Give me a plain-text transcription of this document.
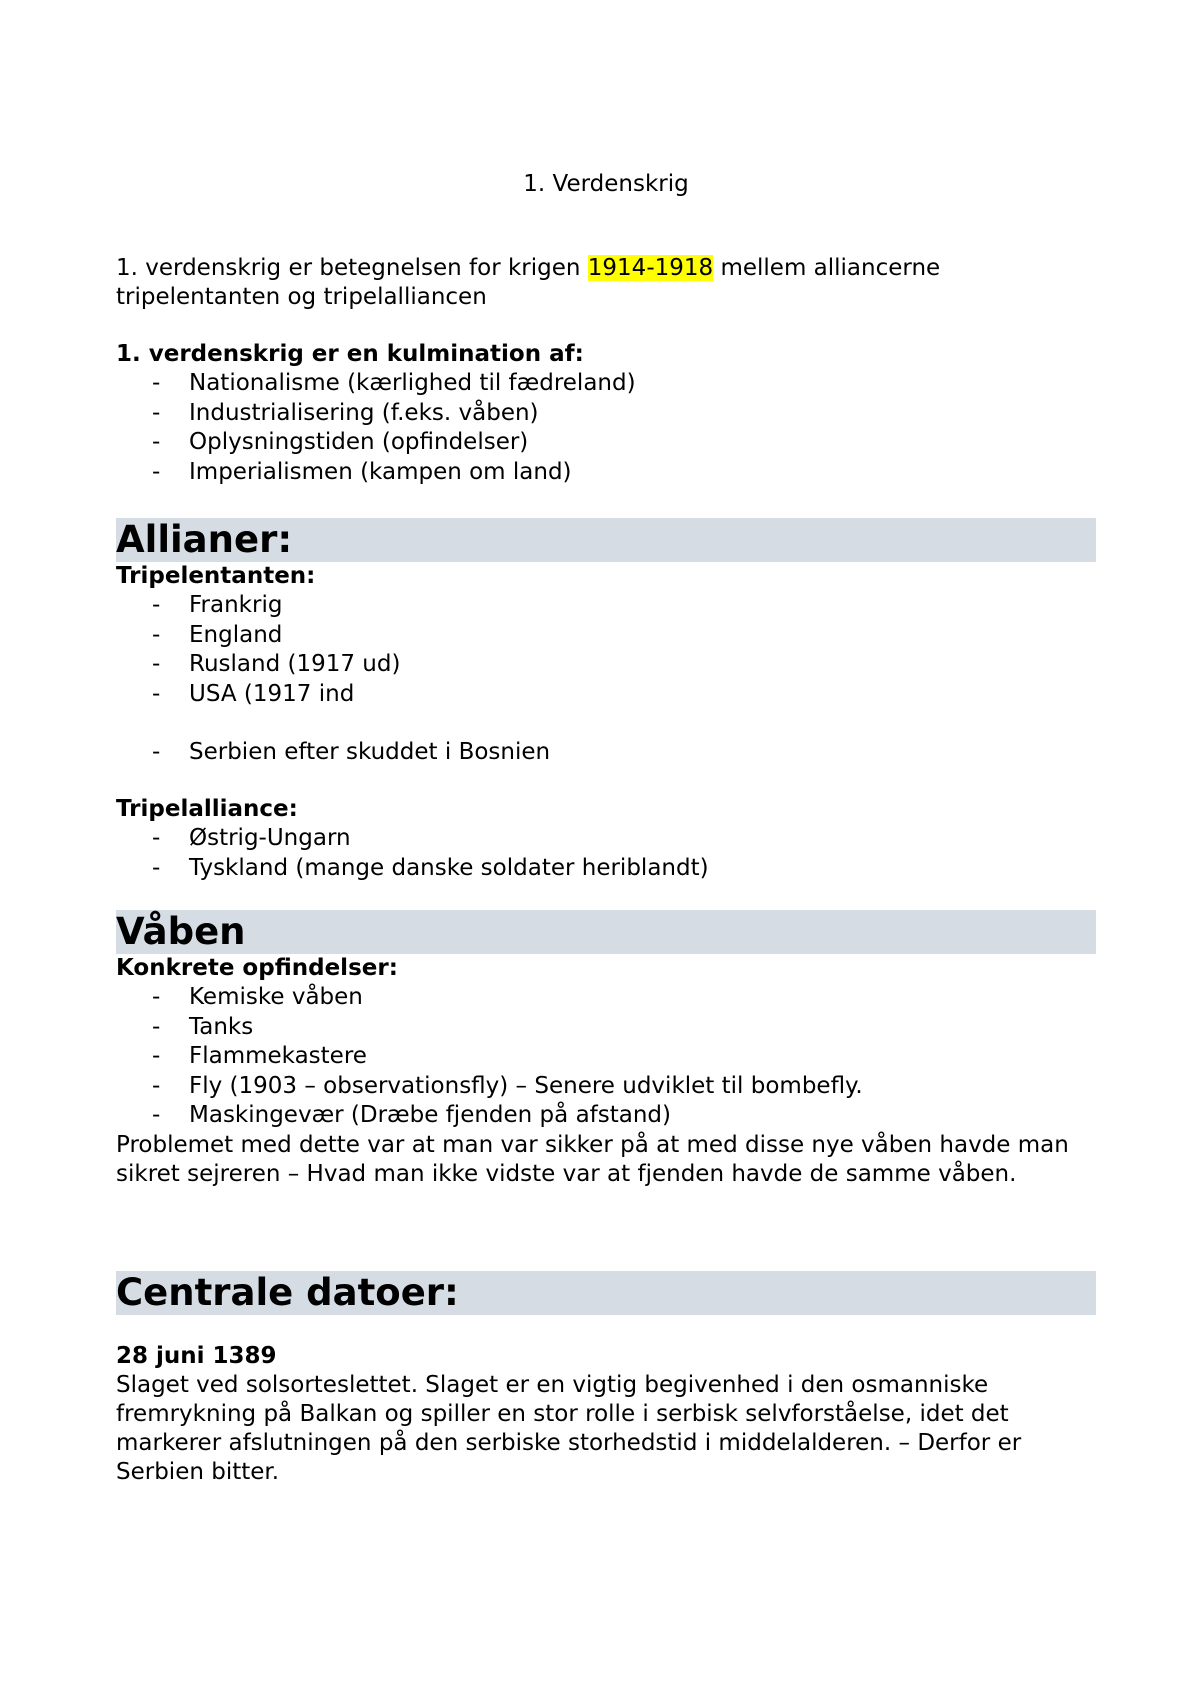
1. Verdenskrig
1. verdenskrig er betegnelsen for krigen 1914-1918 mellem alliancerne tripelentanten og tripelalliancen
1. verdenskrig er en kulmination af:
- Nationalisme (kærlighed til fædreland)
- Industrialisering (f.eks. våben)
- Oplysningstiden (opfindelser)
- Imperialismen (kampen om land)
Allianer:
Tripelentanten:
- Frankrig
- England
- Rusland (1917 ud)
- USA (1917 ind
- Serbien efter skuddet i Bosnien
Tripelalliance:
- Østrig-Ungarn
- Tyskland (mange danske soldater heriblandt)
Våben
Konkrete opfindelser:
- Kemiske våben
- Tanks
- Flammekastere
- Fly (1903 – observationsfly) – Senere udviklet til bombefly.
- Maskingevær (Dræbe fjenden på afstand)
Problemet med dette var at man var sikker på at med disse nye våben havde man sikret sejreren – Hvad man ikke vidste var at fjenden havde de samme våben.
Centrale datoer:
28 juni 1389
Slaget ved solsorteslettet. Slaget er en vigtig begivenhed i den osmanniske fremrykning på Balkan og spiller en stor rolle i serbisk selvforståelse, idet det markerer afslutningen på den serbiske storhedstid i middelalderen. – Derfor er Serbien bitter.
